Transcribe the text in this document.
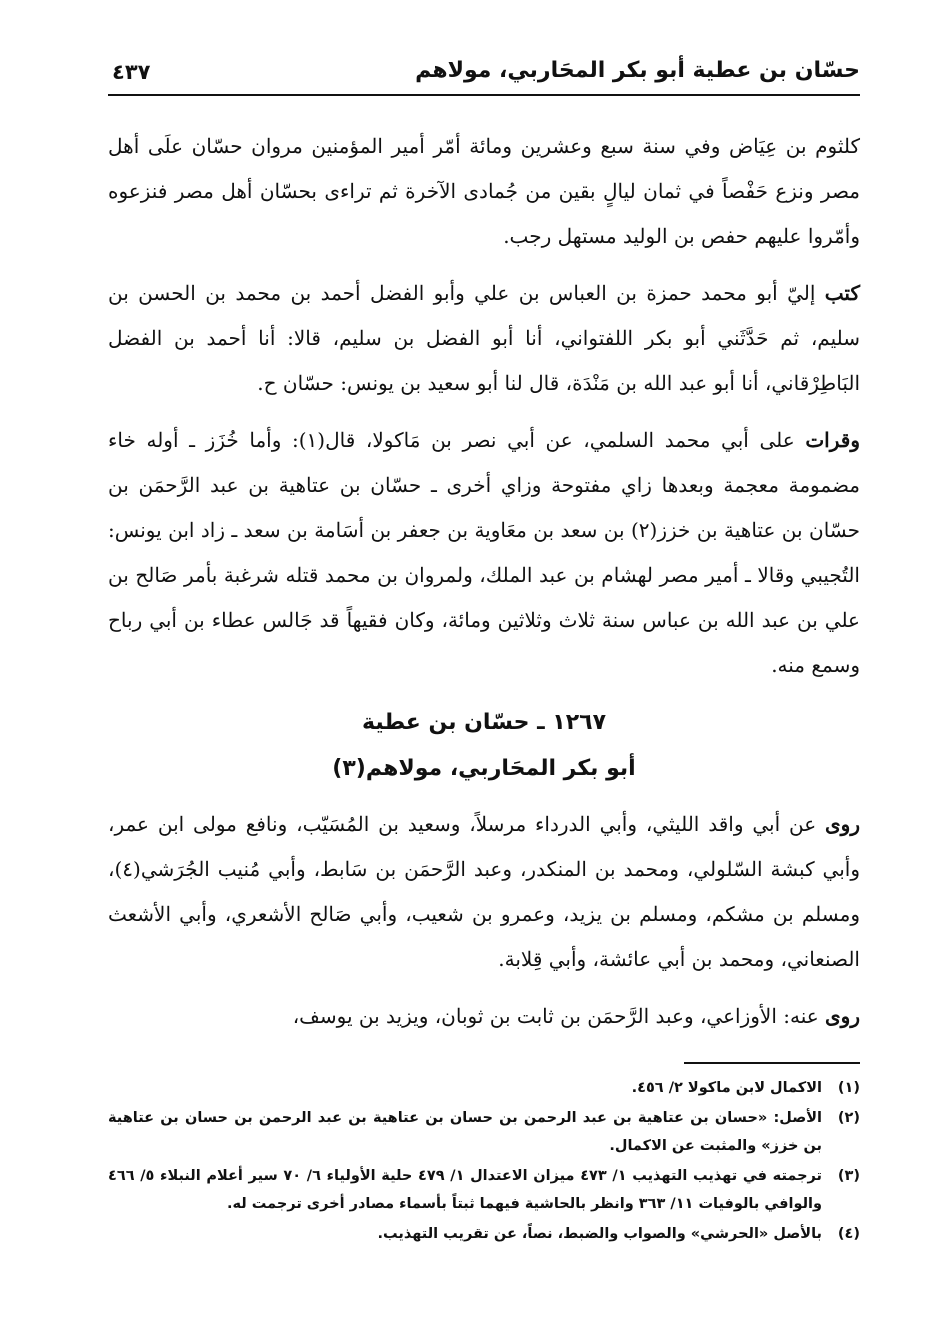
حسّان بن عطية أبو بكر المحَاربي، مولاهم
٤٣٧

كلثوم بن عِيَاض وفي سنة سبع وعشرين ومائة أمّر أمير المؤمنين مروان حسّان علَى أهل مصر ونزع حَفْصاً في ثمان ليالٍ بقين من جُمادى الآخرة ثم تراءى بحسّان أهل مصر فنزعوه وأمّروا عليهم حفص بن الوليد مستهل رجب.

كتب إليّ أبو محمد حمزة بن العباس بن علي وأبو الفضل أحمد بن محمد بن الحسن بن سليم، ثم حَدَّثَني أبو بكر اللفتواني، أنا أبو الفضل بن سليم، قالا: أنا أحمد بن الفضل البَاطِرْقاني، أنا أبو عبد الله بن مَنْدَة، قال لنا أبو سعيد بن يونس: حسّان ح.

وقرات على أبي محمد السلمي، عن أبي نصر بن مَاكولا، قال(١): وأما خُزَز ـ أوله خاء مضمومة معجمة وبعدها زاي مفتوحة وزاي أخرى ـ حسّان بن عتاهية بن عبد الرَّحمَن بن حسّان بن عتاهية بن خزز(٢) بن سعد بن معَاوية بن جعفر بن أسَامة بن سعد ـ زاد ابن يونس: التُجيبي وقالا ـ أمير مصر لهشام بن عبد الملك، ولمروان بن محمد قتله شرغبة بأمر صَالح بن علي بن عبد الله بن عباس سنة ثلاث وثلاثين ومائة، وكان فقيهاً قد جَالس عطاء بن أبي رباح وسمع منه.

١٢٦٧ ـ حسّان بن عطية
أبو بكر المحَاربي، مولاهم(٣)

روى عن أبي واقد الليثي، وأبي الدرداء مرسلاً، وسعيد بن المُسَيّب، ونافع مولى ابن عمر، وأبي كبشة السّلولي، ومحمد بن المنكدر، وعبد الرَّحمَن بن سَابط، وأبي مُنيب الجُرَشي(٤)، ومسلم بن مشكم، ومسلم بن يزيد، وعمرو بن شعيب، وأبي صَالح الأشعري، وأبي الأشعث الصنعاني، ومحمد بن أبي عائشة، وأبي قِلابة.

روى عنه: الأوزاعي، وعبد الرَّحمَن بن ثابت بن ثوبان، ويزيد بن يوسف،

(١)
الاكمال لابن ماكولا ٢/ ٤٥٦.
(٢)
الأصل: «حسان بن عتاهية بن عبد الرحمن بن حسان بن عتاهية بن عبد الرحمن بن حسان بن عتاهية بن خزز» والمثبت عن الاكمال.
(٣)
ترجمته في تهذيب التهذيب ١/ ٤٧٣ ميزان الاعتدال ١/ ٤٧٩ حلية الأولياء ٦/ ٧٠ سير أعلام النبلاء ٥/ ٤٦٦ والوافي بالوفيات ١١/ ٣٦٣ وانظر بالحاشية فيهما ثبتاً بأسماء مصادر أخرى ترجمت له.
(٤)
بالأصل «الحرشي» والصواب والضبط، نصاً، عن تقريب التهذيب.
